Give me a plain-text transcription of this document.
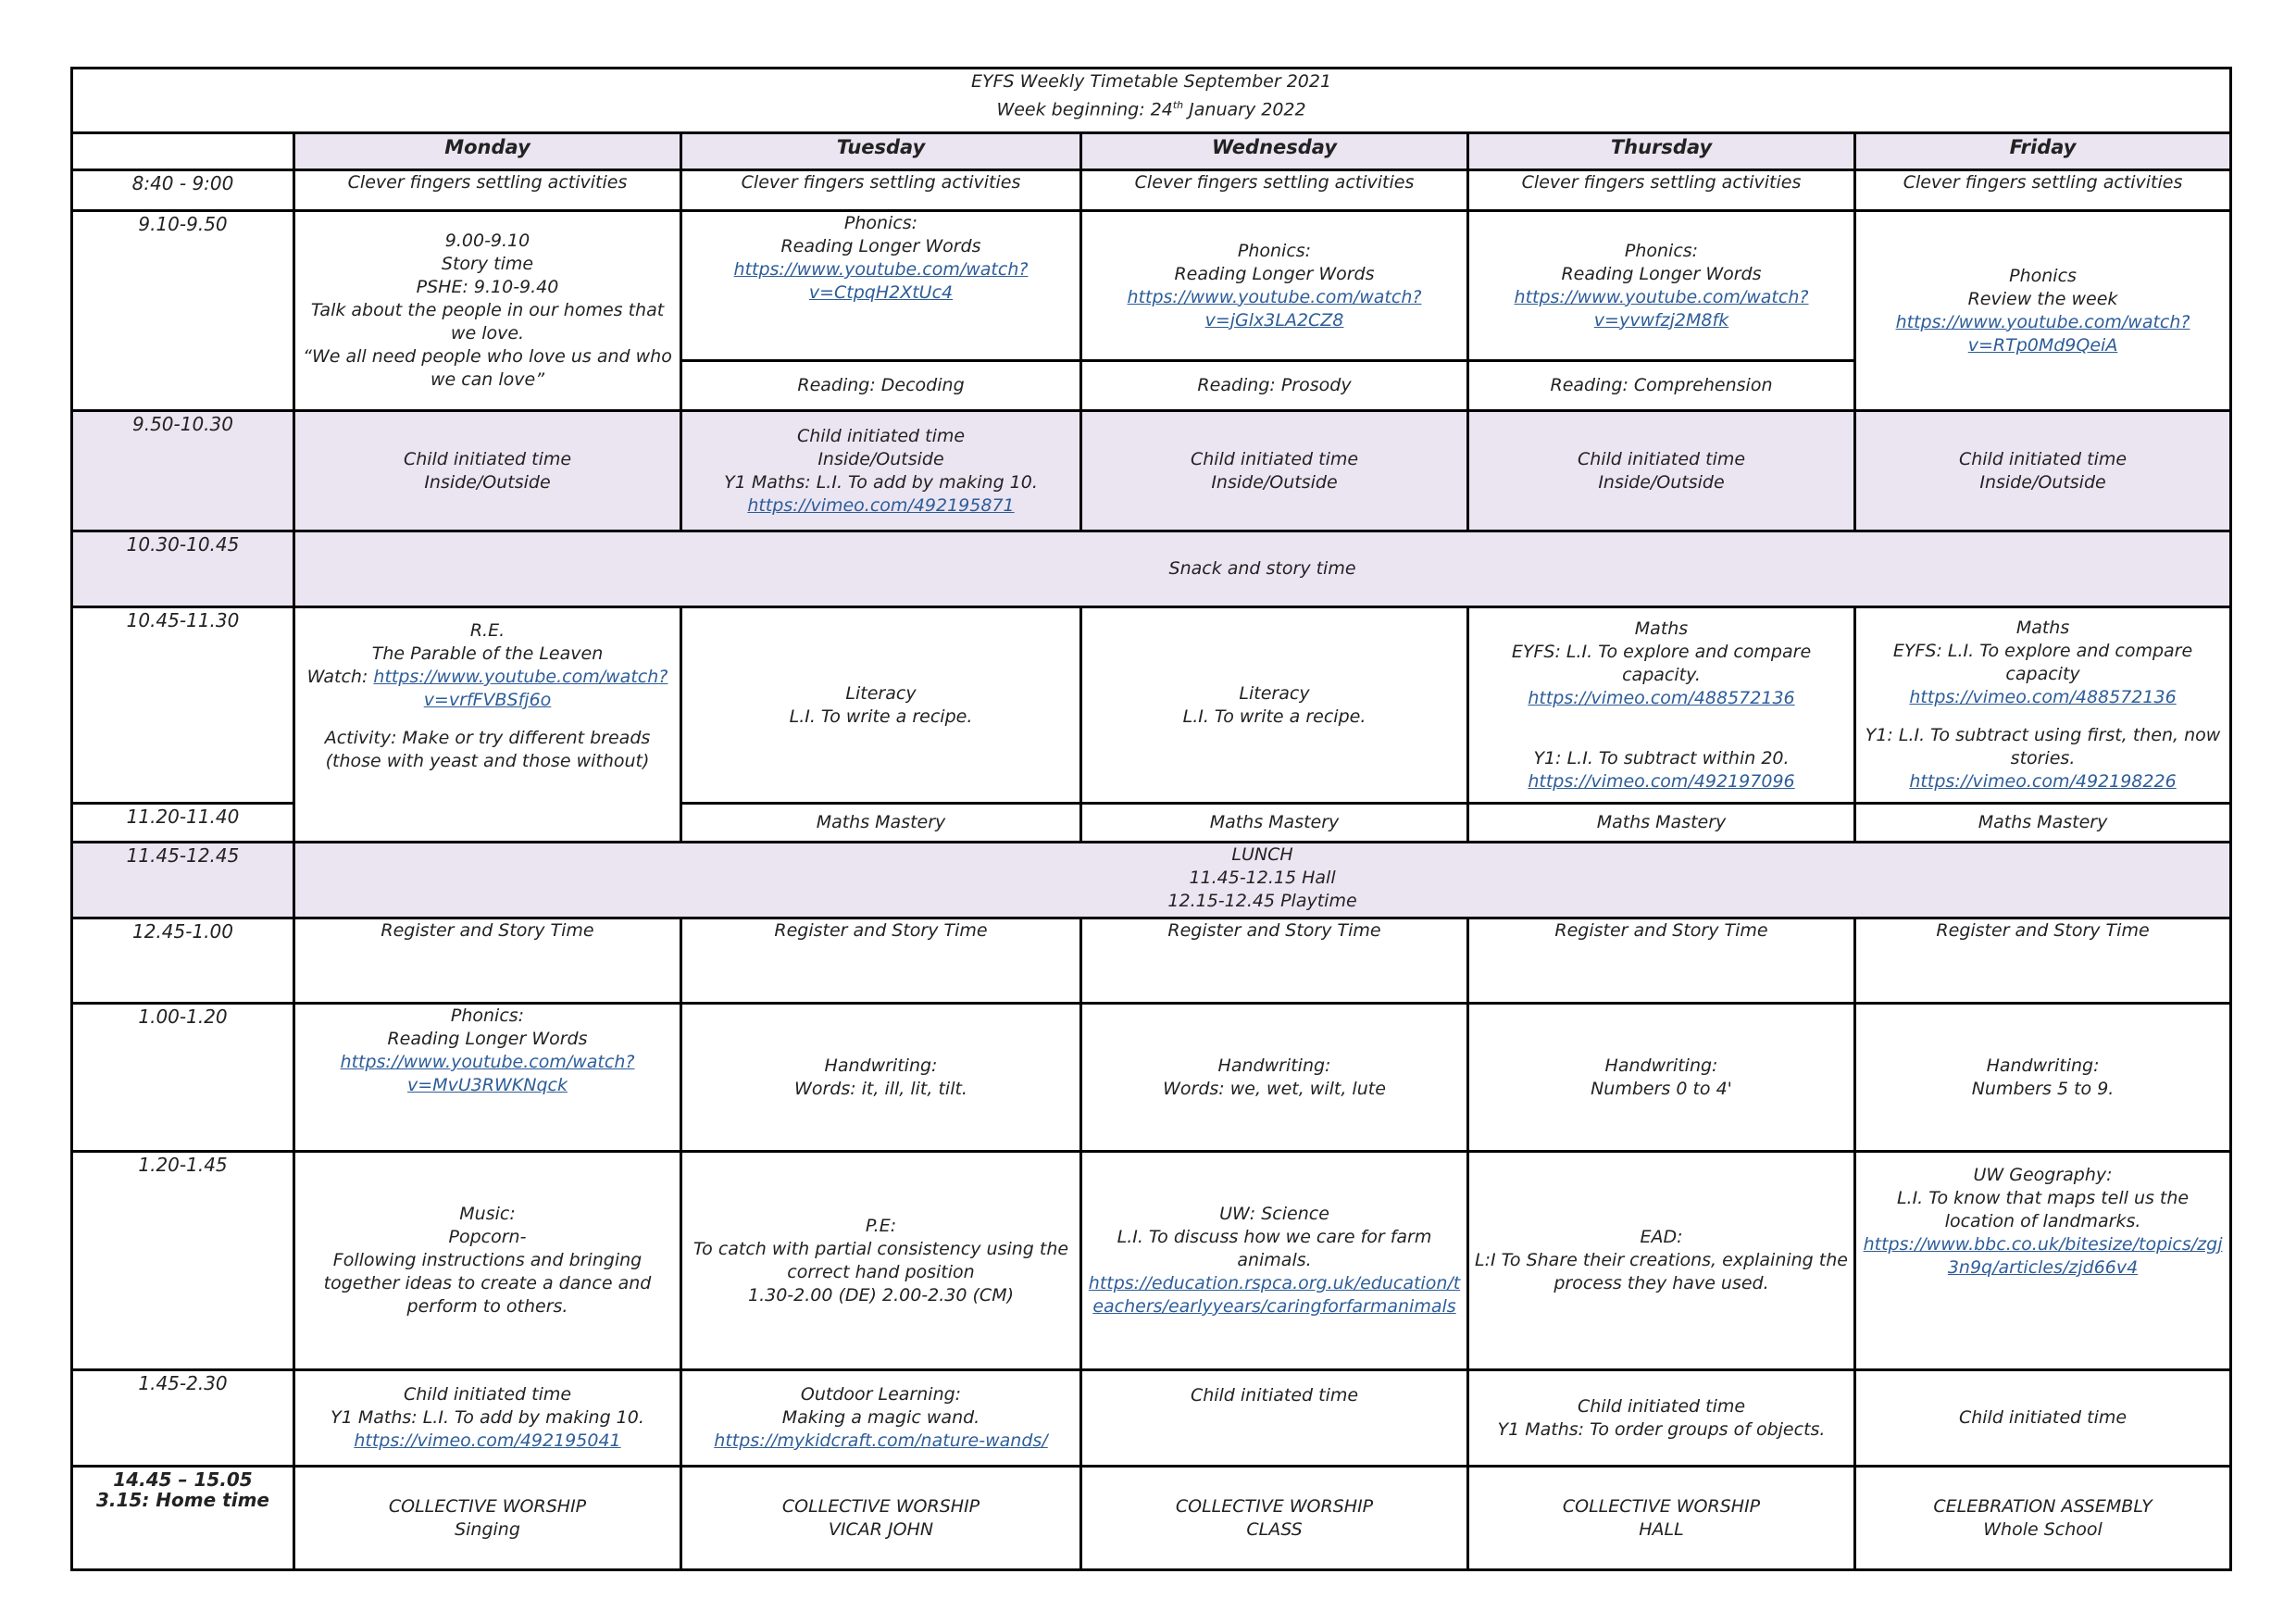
EYFS Weekly Timetable September 2021
Week beginning: 24th January 2022					

	Monday	Tuesday	Wednesday	Thursday	Friday
8:40 - 9:00	Clever fingers settling activities	Clever fingers settling activities	Clever fingers settling activities	Clever fingers settling activities	Clever fingers settling activities
9.10-9.50	9.00-9.10
Story time
PSHE: 9.10-9.40
Talk about the people in our homes that we love.
“We all need people who love us and who we can love”	Phonics:
Reading Longer Words
https://www.youtube.com/watch?v=CtpqH2XtUc4	Phonics:
Reading Longer Words
https://www.youtube.com/watch?v=jGlx3LA2CZ8	Phonics:
Reading Longer Words
https://www.youtube.com/watch?v=yvwfzj2M8fk	Phonics
Review the week
https://www.youtube.com/watch?v=RTp0Md9QeiA

		Reading: Decoding	Reading: Prosody	Reading: Comprehension	
9.50-10.30	Child initiated time
Inside/Outside	Child initiated time
Inside/Outside
Y1 Maths: L.I. To add by making 10.
https://vimeo.com/492195871	Child initiated time
Inside/Outside	Child initiated time
Inside/Outside	Child initiated time
Inside/Outside

10.30-10.45	Snack and story time				
10.45-11.30	R.E.
The Parable of the Leaven
Watch: https://www.youtube.com/watch?v=vrfFVBSfj6o
Activity: Make or try different breads (those with yeast and those without)	Literacy
L.I. To write a recipe.	Literacy
L.I. To write a recipe.	Maths
EYFS: L.I. To explore and compare capacity.
https://vimeo.com/488572136
Y1: L.I. To subtract within 20.
https://vimeo.com/492197096	Maths
EYFS: L.I. To explore and compare capacity
https://vimeo.com/488572136
Y1: L.I. To subtract using first, then, now stories.
https://vimeo.com/492198226

11.20-11.40		Maths Mastery	Maths Mastery	Maths Mastery	Maths Mastery
11.45-12.45	LUNCH
11.45-12.15 Hall
12.15-12.45 Playtime				

12.45-1.00	Register and Story Time	Register and Story Time	Register and Story Time	Register and Story Time	Register and Story Time
1.00-1.20	Phonics:
Reading Longer Words
https://www.youtube.com/watch?v=MvU3RWKNqck	Handwriting:
Words: it, ill, lit, tilt.	Handwriting:
Words: we, wet, wilt, lute	Handwriting:
Numbers 0 to 4'	Handwriting:
Numbers 5 to 9.

1.20-1.45	Music:
Popcorn-
Following instructions and bringing together ideas to create a dance and perform to others.	P.E:
To catch with partial consistency using the correct hand position
1.30-2.00 (DE) 2.00-2.30 (CM)	UW: Science
L.I. To discuss how we care for farm animals.
https://education.rspca.org.uk/education/teachers/earlyyears/caringforfarmanimals	EAD:
L:I To Share their creations, explaining the process they have used.	UW Geography:
L.I. To know that maps tell us the location of landmarks.
https://www.bbc.co.uk/bitesize/topics/zgj3n9q/articles/zjd66v4

1.45-2.30	Child initiated time
Y1 Maths: L.I. To add by making 10.
https://vimeo.com/492195041	Outdoor Learning:
Making a magic wand.
https://mykidcraft.com/nature-wands/	Child initiated time	Child initiated time
Y1 Maths: To order groups of objects.	Child initiated time

14.45 – 15.05
3.15: Home time	COLLECTIVE WORSHIP
Singing	COLLECTIVE WORSHIP
VICAR JOHN	COLLECTIVE WORSHIP
CLASS	COLLECTIVE WORSHIP
HALL	CELEBRATION ASSEMBLY
Whole School
